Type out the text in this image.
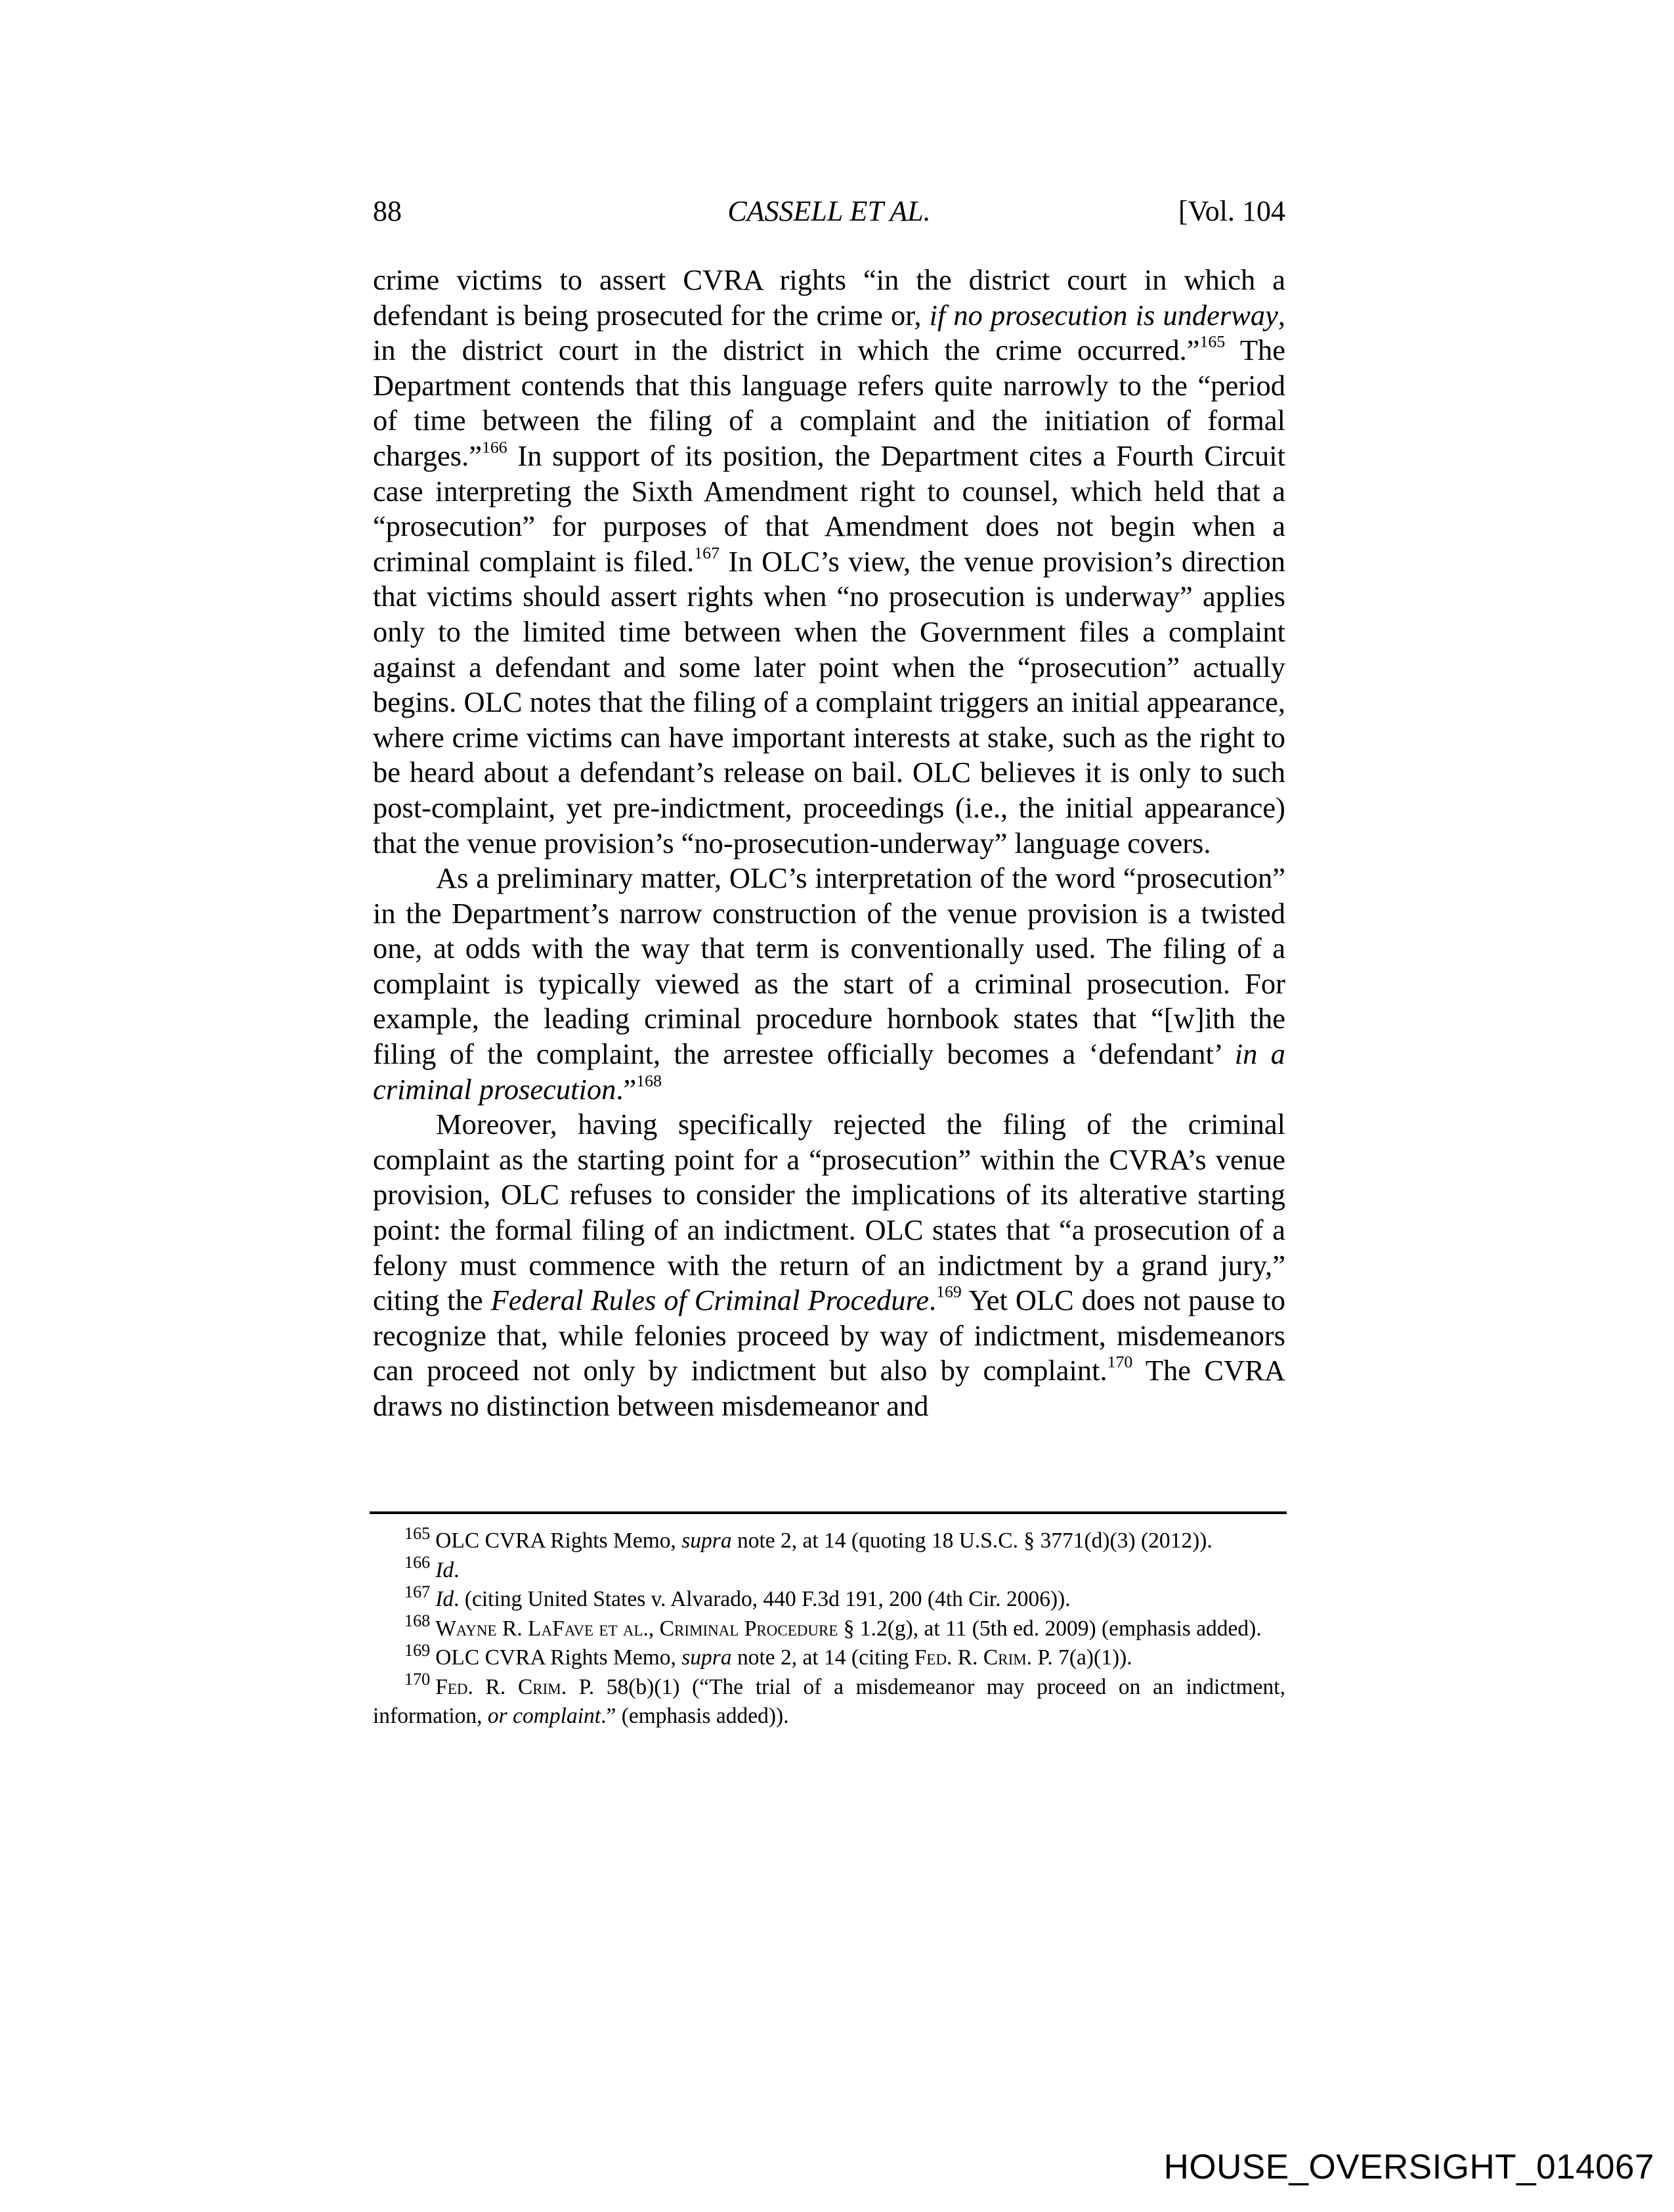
88	CASSELL ET AL.	[Vol. 104

crime victims to assert CVRA rights “in the district court in which a defendant is being prosecuted for the crime or, if no prosecution is underway, in the district court in the district in which the crime occurred.”$^{165}$ The Department contends that this language refers quite narrowly to the “period of time between the filing of a complaint and the initiation of formal charges.”$^{166}$ In support of its position, the Department cites a Fourth Circuit case interpreting the Sixth Amendment right to counsel, which held that a “prosecution” for purposes of that Amendment does not begin when a criminal complaint is filed.$^{167}$ In OLC’s view, the venue provision’s direction that victims should assert rights when “no prosecution is underway” applies only to the limited time between when the Government files a complaint against a defendant and some later point when the “prosecution” actually begins. OLC notes that the filing of a complaint triggers an initial appearance, where crime victims can have important interests at stake, such as the right to be heard about a defendant’s release on bail. OLC believes it is only to such post-complaint, yet pre-indictment, proceedings (i.e., the initial appearance) that the venue provision’s “no-prosecution-underway” language covers.

As a preliminary matter, OLC’s interpretation of the word “prosecution” in the Department’s narrow construction of the venue provision is a twisted one, at odds with the way that term is conventionally used. The filing of a complaint is typically viewed as the start of a criminal prosecution. For example, the leading criminal procedure hornbook states that “[w]ith the filing of the complaint, the arrestee officially becomes a ‘defendant’ in a criminal prosecution.”$^{168}$

Moreover, having specifically rejected the filing of the criminal complaint as the starting point for a “prosecution” within the CVRA’s venue provision, OLC refuses to consider the implications of its alterative starting point: the formal filing of an indictment. OLC states that “a prosecution of a felony must commence with the return of an indictment by a grand jury,” citing the Federal Rules of Criminal Procedure.$^{169}$ Yet OLC does not pause to recognize that, while felonies proceed by way of indictment, misdemeanors can proceed not only by indictment but also by complaint.$^{170}$ The CVRA draws no distinction between misdemeanor and

$^{165}$ OLC CVRA Rights Memo, supra note 2, at 14 (quoting 18 U.S.C. § 3771(d)(3) (2012)).

$^{166}$ Id.

$^{167}$ Id. (citing United States v. Alvarado, 440 F.3d 191, 200 (4th Cir. 2006)).

$^{168}$ Wayne R. LaFave et al., Criminal Procedure § 1.2(g), at 11 (5th ed. 2009) (emphasis added).

$^{169}$ OLC CVRA Rights Memo, supra note 2, at 14 (citing Fed. R. Crim. P. 7(a)(1)).

$^{170}$ Fed. R. Crim. P. 58(b)(1) (“The trial of a misdemeanor may proceed on an indictment, information, or complaint.” (emphasis added)).

HOUSE_OVERSIGHT_014067
